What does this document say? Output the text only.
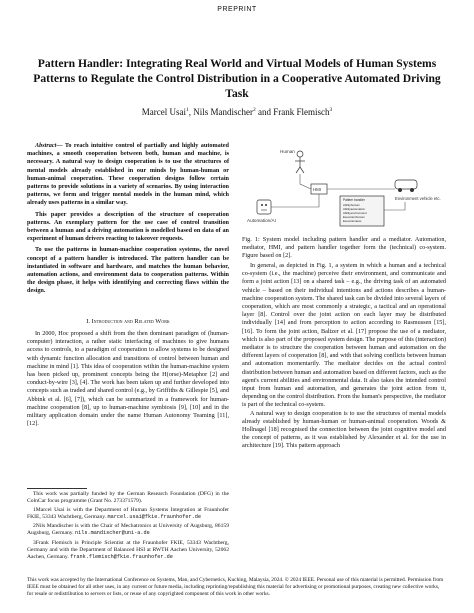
PREPRINT
Pattern Handler: Integrating Real World and Virtual Models of Human Systems Patterns to Regulate the Control Distribution in a Cooperative Automated Driving Task
Marcel Usai$^1$, Nils Mandischer$^2$ and Frank Flemisch$^3$

Abstract— To reach intuitive control of partially and highly automated machines, a smooth cooperation between both, human and machine, is necessary. A natural way to design cooperation is to use the structures of mental models already established in our minds by human-human or human-animal cooperation. These cooperation designs follow certain patterns to provide solutions in a variety of scenarios. By using interaction patterns, we form and trigger mental models in the human mind, which already uses patterns in a similar way.

This paper provides a description of the structure of cooperation patterns. An exemplary pattern for the use case of control transition between a human and a driving automation is modelled based on data of an experiment of human drivers reacting to takeover requests.

To use the patterns in human-machine cooperation systems, the novel concept of a pattern handler is introduced. The pattern handler can be instantiated in software and hardware, and matches the human behavior, automation actions, and environment data to cooperation patterns. Within the design phase, it helps with identifying and correcting flaws within the design.

I. Introduction and Related Work

In 2000, Hoc proposed a shift from the then dominant paradigm of (human-computer) interaction, a rather static interfacing of machines to give humans access to controls, to a paradigm of cooperation to allow systems to be designed with dynamic function allocation and transitions of control between human and machine in mind [1]. This idea of cooperation within the human-machine system has been picked up, prominent concepts being the H(orse)-Metaphor [2] and conduct-by-wire [3], [4]. The work has been taken up and further developed into concepts such as traded and shared control (e.g., by Griffiths & Gillespie [5], and Abbink et al. [6], [7]), which can be summarized in a framework for human-machine cooperation [8], up to human-machine symbiosis [9], [10] and in the military application domain under the name Human Autonomy Teaming [11], [12].

This work was partially funded by the German Research Foundation (DFG) in the ColnCar focus programme (Grant No. 273371579).

1Marcel Usai is with the Department of Human Systems Integration at Fraunhofer FKIE, 53343 Wachtberg, Germany. marcel.usai@fkie.fraunhofer.de

2Nils Mandischer is with the Chair of Mechatronics at University of Augsburg, 86159 Augsburg, Germany. nils.mandischer@uni-a.de

3Frank Flemisch is Principle Scientist at the Fraunhofer FKIE, 53343 Wachtberg, Germany and with the Department of Balanced HSI at RWTH Aachen University, 52062 Aachen, Germany. frank.flemisch@fkie.fraunhofer.de

Human
Automation/AI
HMI
Pattern handler
Abilityhuman
Abilityautomation
Abilityenvironment
Executionhuman
Executionauto
Environment vehicle etc.
Fig. 1: System model including pattern handler and a mediator. Automation, mediator, HMI, and pattern handler together form the (technical) co-system. Figure based on [2].

In general, as depicted in Fig. 1, a system in which a human and a technical co-system (i.e., the machine) perceive their environment, and communicate and form a joint action [13] on a shared task – e.g., the driving task of an automated vehicle – based on their individual intentions and actions describes a human-machine cooperation system. The shared task can be divided into several layers of cooperation, which are most commonly a strategic, a tactical and an operational layer [8]. Control over the joint action on each layer may be distributed individually [14] and from perception to action according to Rasmussen [15], [16]. To form the joint action, Baltzer et al. [17] propose the use of a mediator, which is also part of the proposed system design. The purpose of this (interaction) mediator is to structure the cooperation between human and automation on the different layers of cooperation [8], and with that solving conflicts between human and automation momentarily. The mediator decides on the actual control distribution between human and automation based on different factors, such as the agent's current abilities and environmental data. It also takes the intended control input from human and automation, and generates the joint action from it, depending on the control distribution. From the human's perspective, the mediator is part of the technical co-system.

A natural way to design cooperation is to use the structures of mental models already established by human-human or human-animal cooperation. Woods & Hollnagel [18] recognised the connection between the joint cognitive model and the concept of patterns, as it was established by Alexander et al. for the use in architecture [19]. This pattern approach

This work was accepted by the International Conference on Systems, Man, and Cybernetics, Kuching, Malaysia, 2024. © 2024 IEEE. Personal use of this material is permitted. Permission from IEEE must be obtained for all other uses, in any current or future media, including reprinting/republishing this material for advertising or promotional purposes, creating new collective works, for resale or redistribution to servers or lists, or reuse of any copyrighted component of this work in other works.
